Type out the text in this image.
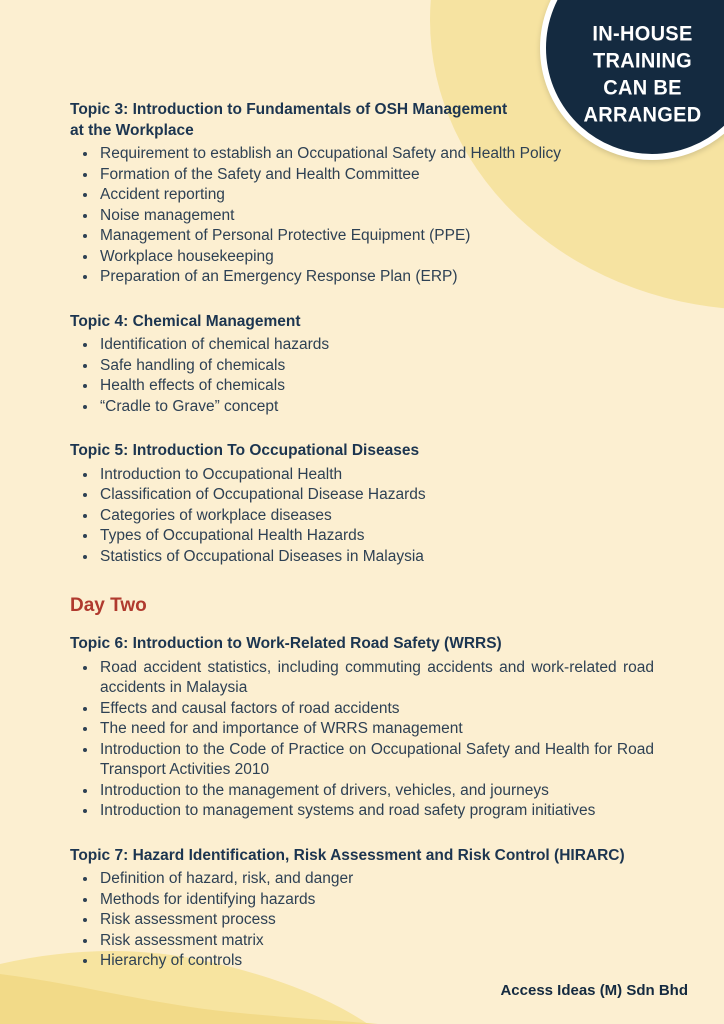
IN-HOUSE
TRAINING
CAN BE
ARRANGED
Topic 3: Introduction to Fundamentals of OSH Management
at the Workplace
• Requirement to establish an Occupational Safety and Health Policy
• Formation of the Safety and Health Committee
• Accident reporting
• Noise management
• Management of Personal Protective Equipment (PPE)
• Workplace housekeeping
• Preparation of an Emergency Response Plan (ERP)
Topic 4: Chemical Management
• Identification of chemical hazards
• Safe handling of chemicals
• Health effects of chemicals
• “Cradle to Grave” concept
Topic 5: Introduction To Occupational Diseases
• Introduction to Occupational Health
• Classification of Occupational Disease Hazards
• Categories of workplace diseases
• Types of Occupational Health Hazards
• Statistics of Occupational Diseases in Malaysia
Day Two
Topic 6: Introduction to Work-Related Road Safety (WRRS)
• Road accident statistics, including commuting accidents and work-related road accidents in Malaysia
• Effects and causal factors of road accidents
• The need for and importance of WRRS management
• Introduction to the Code of Practice on Occupational Safety and Health for Road Transport Activities 2010
• Introduction to the management of drivers, vehicles, and journeys
• Introduction to management systems and road safety program initiatives
Topic 7: Hazard Identification, Risk Assessment and Risk Control (HIRARC)
• Definition of hazard, risk, and danger
• Methods for identifying hazards
• Risk assessment process
• Risk assessment matrix
• Hierarchy of controls
Access Ideas (M) Sdn Bhd
